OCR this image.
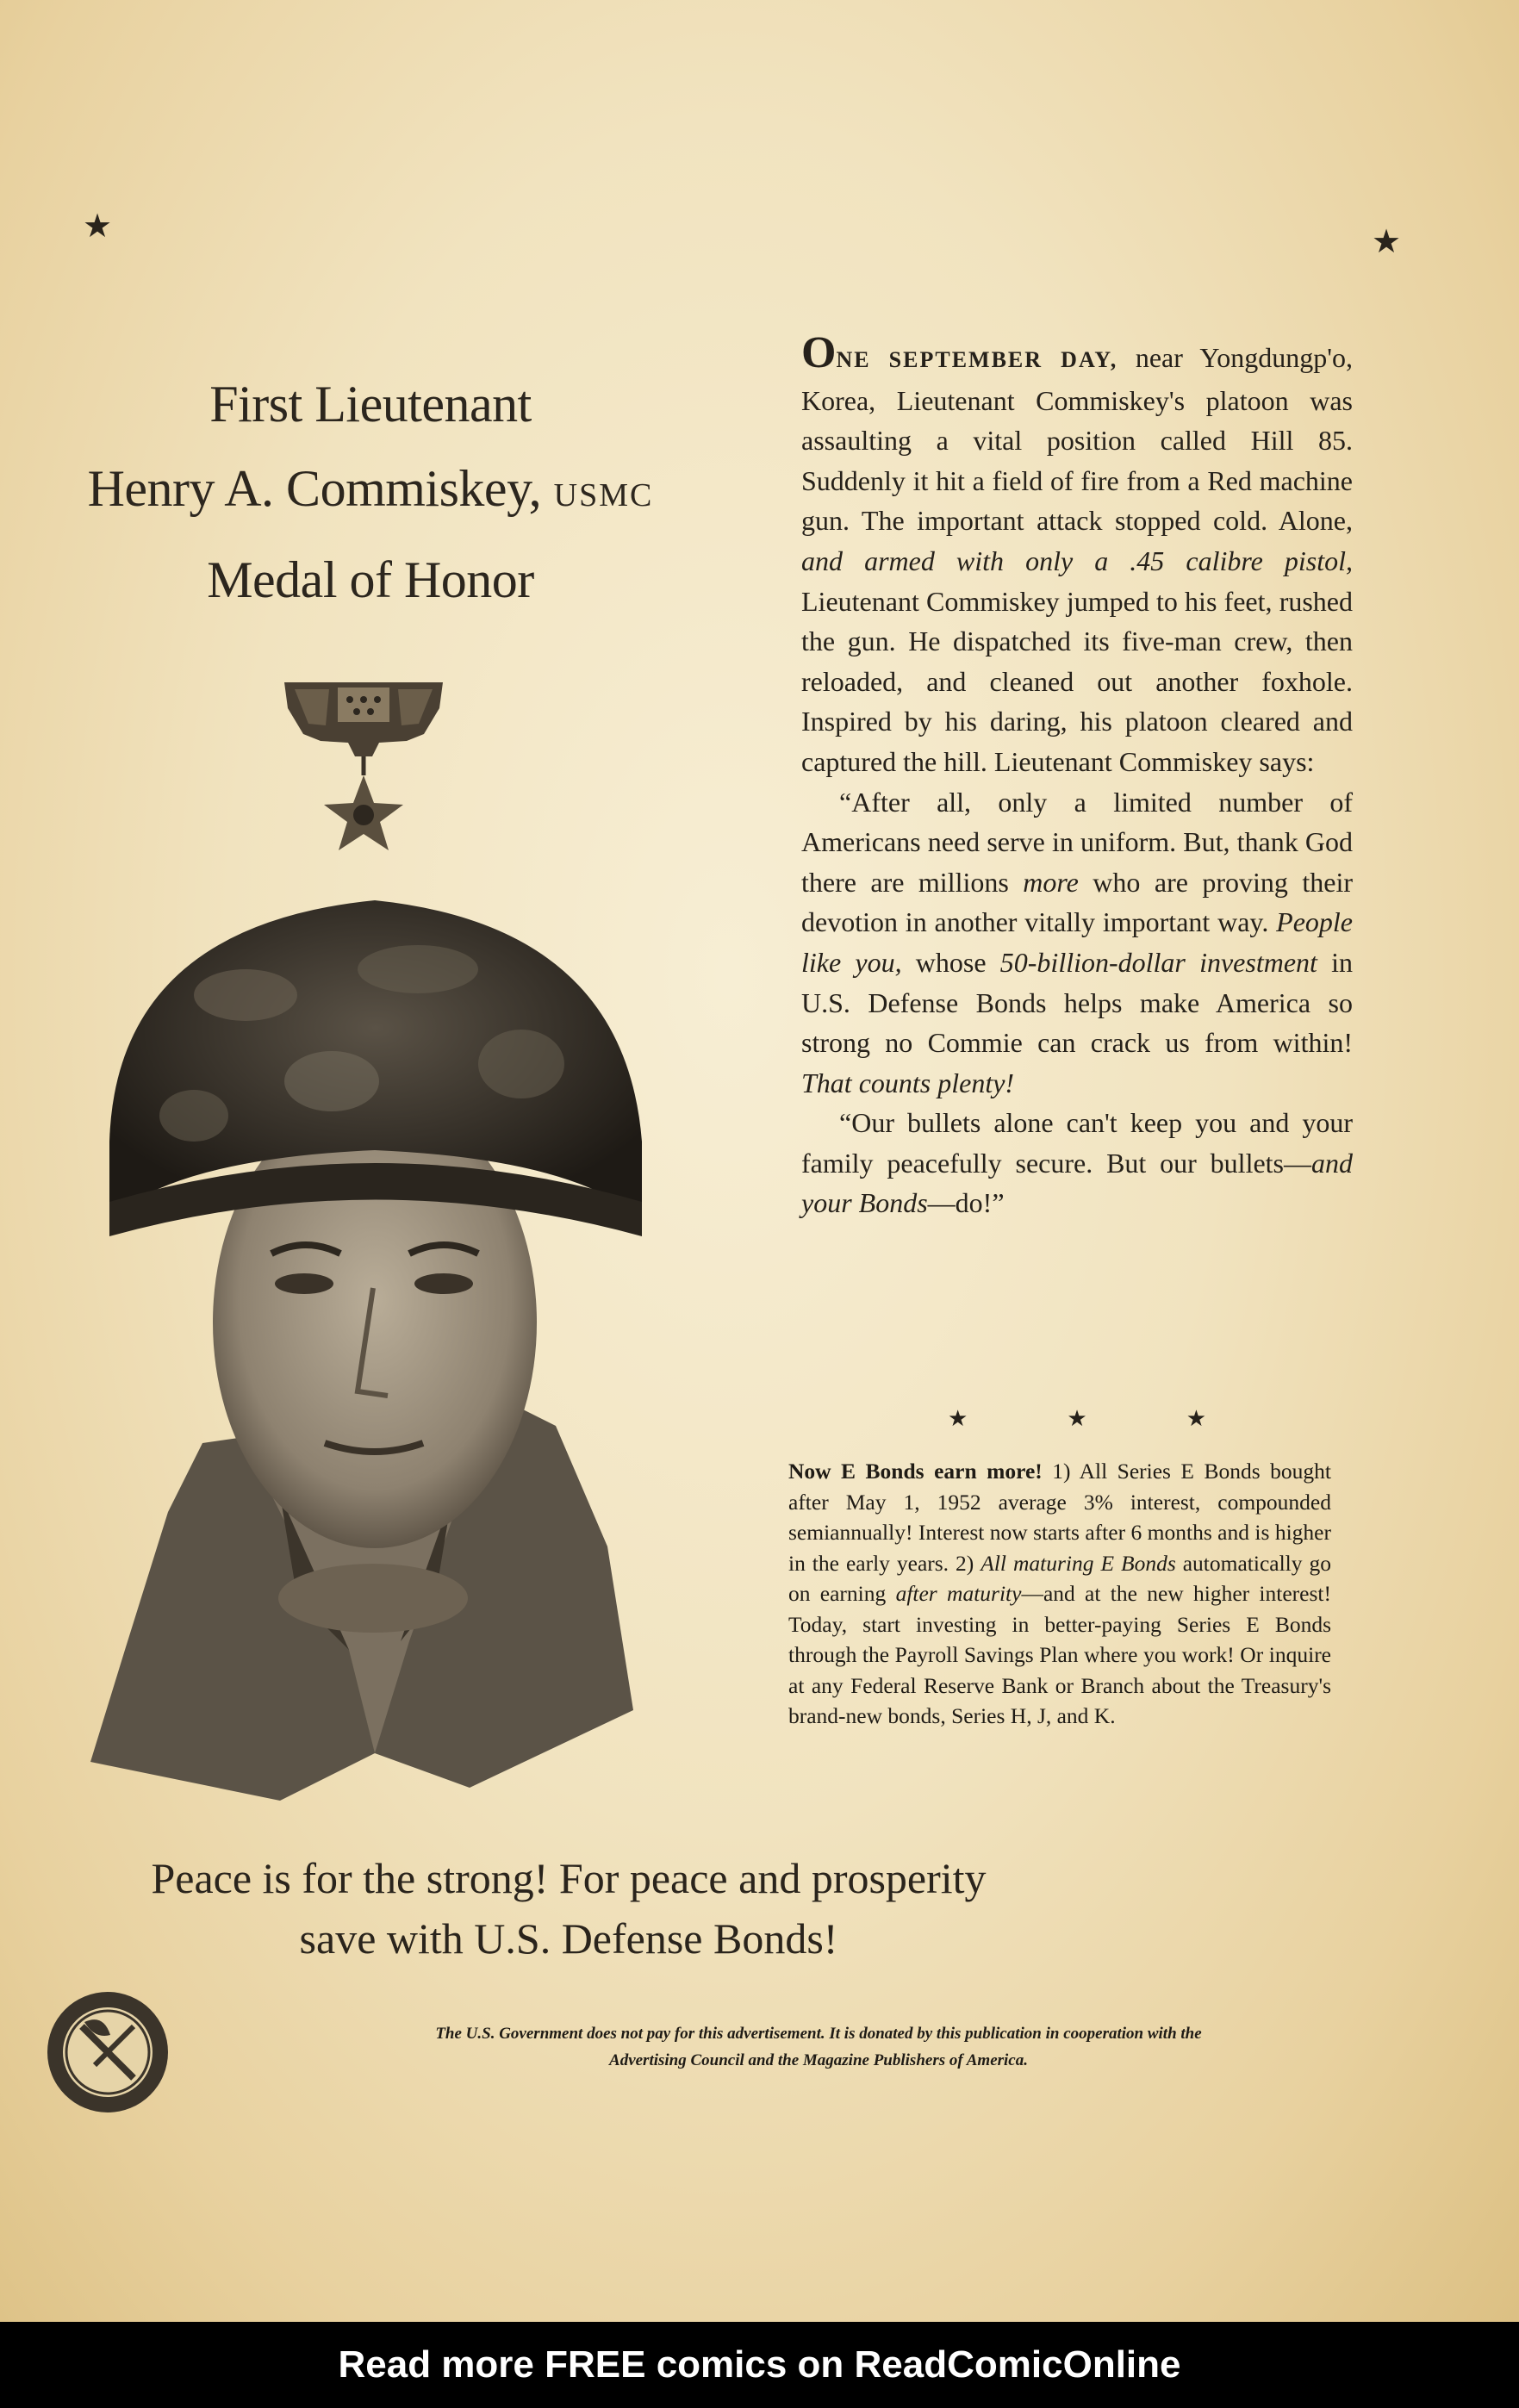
★	★
First Lieutenant
Henry A. Commiskey, USMC
Medal of Honor

ONE SEPTEMBER DAY, near Yongdungp'o, Korea, Lieutenant Commiskey's platoon was assaulting a vital position called Hill 85. Suddenly it hit a field of fire from a Red machine gun. The important attack stopped cold. Alone, and armed with only a .45 calibre pistol, Lieutenant Commiskey jumped to his feet, rushed the gun. He dispatched its five-man crew, then reloaded, and cleaned out another foxhole. Inspired by his daring, his platoon cleared and captured the hill. Lieutenant Commiskey says:

“After all, only a limited number of Americans need serve in uniform. But, thank God there are millions more who are proving their devotion in another vitally important way. People like you, whose 50-billion-dollar investment in U.S. Defense Bonds helps make America so strong no Commie can crack us from within! That counts plenty!

“Our bullets alone can't keep you and your family peacefully secure. But our bullets—and your Bonds—do!”

★	★	★
Now E Bonds earn more! 1) All Series E Bonds bought after May 1, 1952 average 3% interest, compounded semiannually! Interest now starts after 6 months and is higher in the early years. 2) All maturing E Bonds automatically go on earning after maturity—and at the new higher interest! Today, start investing in better-paying Series E Bonds through the Payroll Savings Plan where you work! Or inquire at any Federal Reserve Bank or Branch about the Treasury's brand-new bonds, Series H, J, and K.
Peace is for the strong! For peace and prosperity
save with U.S. Defense Bonds!
The U.S. Government does not pay for this advertisement. It is donated by this publication in cooperation with the
Advertising Council and the Magazine Publishers of America.
Read more FREE comics on ReadComicOnline
